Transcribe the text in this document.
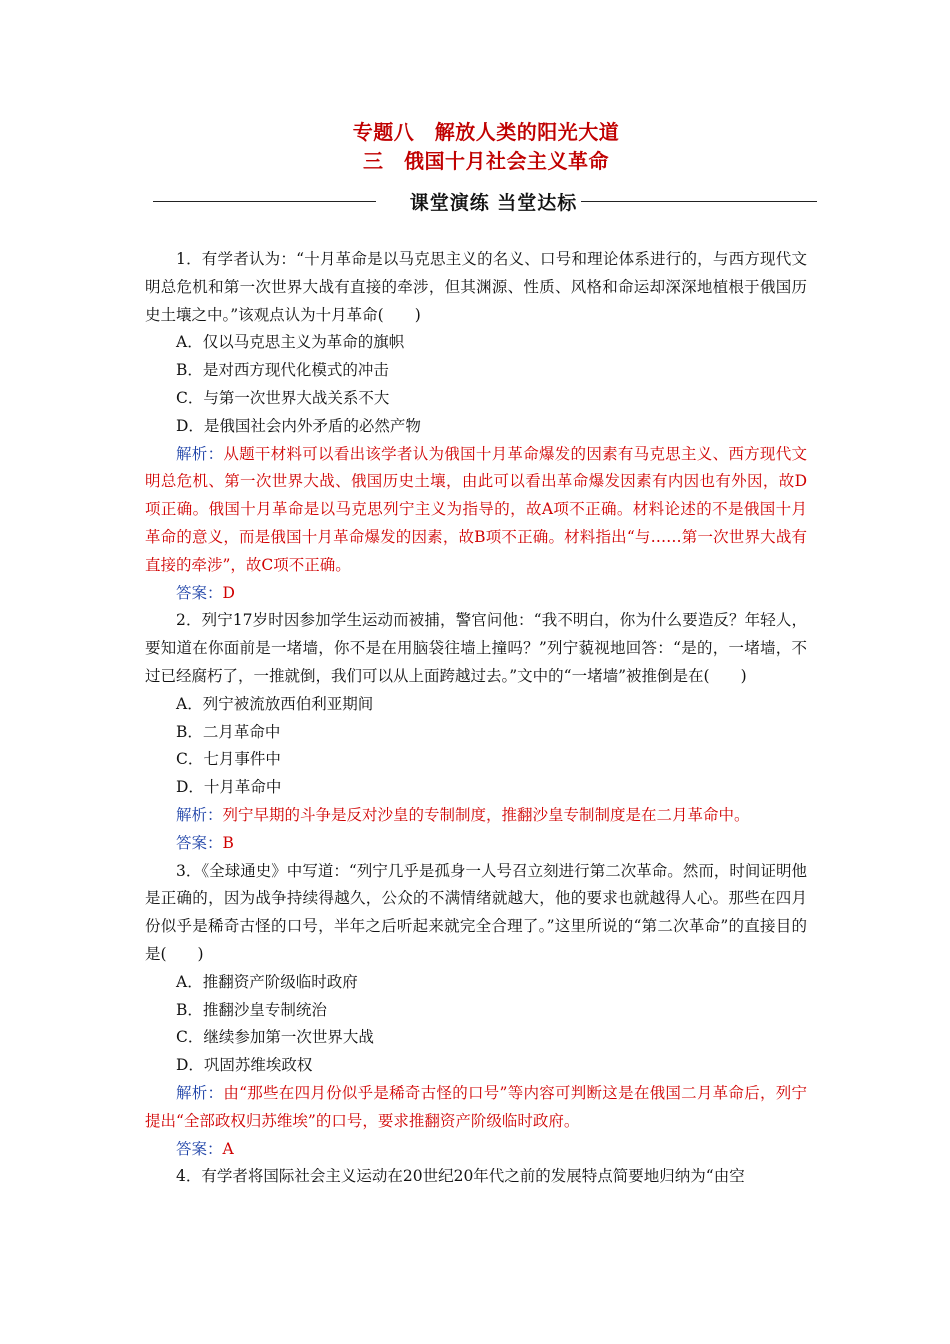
专题八　解放人类的阳光大道
三　俄国十月社会主义革命
课堂演练 当堂达标

1．有学者认为：“十月革命是以马克思主义的名义、口号和理论体系进行的，与西方现代文明总危机和第一次世界大战有直接的牵涉，但其渊源、性质、风格和命运却深深地植根于俄国历史土壤之中。”该观点认为十月革命(　　)

A．仅以马克思主义为革命的旗帜

B．是对西方现代化模式的冲击

C．与第一次世界大战关系不大

D．是俄国社会内外矛盾的必然产物

解析：从题干材料可以看出该学者认为俄国十月革命爆发的因素有马克思主义、西方现代文明总危机、第一次世界大战、俄国历史土壤，由此可以看出革命爆发因素有内因也有外因，故D项正确。俄国十月革命是以马克思列宁主义为指导的，故A项不正确。材料论述的不是俄国十月革命的意义，而是俄国十月革命爆发的因素，故B项不正确。材料指出“与……第一次世界大战有直接的牵涉”，故C项不正确。

答案：D

2．列宁17岁时因参加学生运动而被捕，警官问他：“我不明白，你为什么要造反？年轻人，要知道在你面前是一堵墙，你不是在用脑袋往墙上撞吗？”列宁藐视地回答：“是的，一堵墙，不过已经腐朽了，一推就倒，我们可以从上面跨越过去。”文中的“一堵墙”被推倒是在(　　)

A．列宁被流放西伯利亚期间

B．二月革命中

C．七月事件中

D．十月革命中

解析：列宁早期的斗争是反对沙皇的专制制度，推翻沙皇专制制度是在二月革命中。

答案：B

3．《全球通史》中写道：“列宁几乎是孤身一人号召立刻进行第二次革命。然而，时间证明他是正确的，因为战争持续得越久，公众的不满情绪就越大，他的要求也就越得人心。那些在四月份似乎是稀奇古怪的口号，半年之后听起来就完全合理了。”这里所说的“第二次革命”的直接目的是(　　)

A．推翻资产阶级临时政府

B．推翻沙皇专制统治

C．继续参加第一次世界大战

D．巩固苏维埃政权

解析：由“那些在四月份似乎是稀奇古怪的口号”等内容可判断这是在俄国二月革命后，列宁提出“全部政权归苏维埃”的口号，要求推翻资产阶级临时政府。

答案：A

4．有学者将国际社会主义运动在20世纪20年代之前的发展特点简要地归纳为“由空
